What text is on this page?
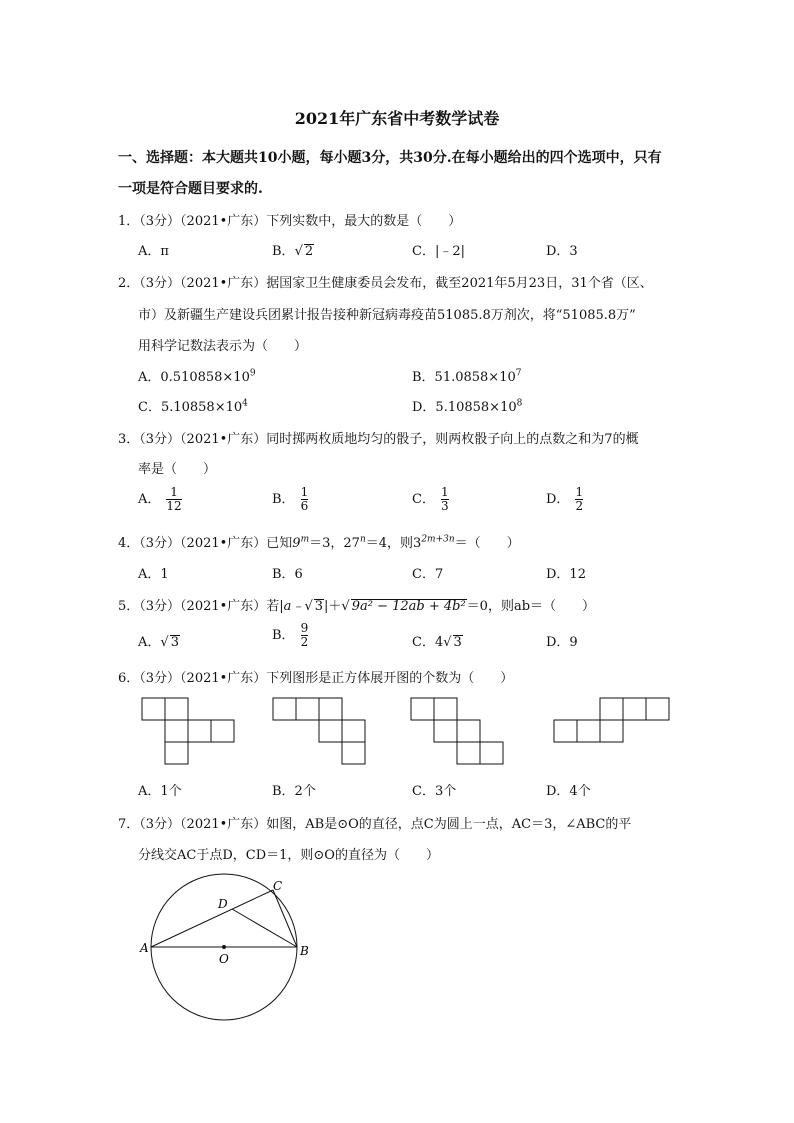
2021年广东省中考数学试卷
一、选择题：本大题共10小题，每小题3分，共30分.在每小题给出的四个选项中，只有
一项是符合题目要求的.
1．（3分）（2021•广东）下列实数中，最大的数是（　　）
A．π	B．√ 2	C．|﹣2|	D．3
2．（3分）（2021•广东）据国家卫生健康委员会发布，截至2021年5月23日，31个省（区、
市）及新疆生产建设兵团累计报告接种新冠病毒疫苗51085.8万剂次，将“51085.8万”
用科学记数法表示为（　　）
A．$0.510858\times 10^9$	B．$51.0858\times 10^7$
C．$5.10858\times 10^4$	D．$5.10858\times 10^8$
3．（3分）（2021•广东）同时掷两枚质地均匀的骰子，则两枚骰子向上的点数之和为7的概
率是（　　）
A． $\frac{1}{12}$	B． $\frac{1}{6}$	C． $\frac{1}{3}$	D． $\frac{1}{2}$
4．（3分）（2021•广东）已知$9^m=3$，$27^n=4$，则$3^{2m+3n}=$（　　）
A．1	B．6	C．7	D．12
5．（3分）（2021•广东）若|a﹣√ 3|＋√ 9a² − 12ab + 4b²＝0，则ab＝（　　）
A．√ 3	B． $\frac{9}{2}$	C．4√ 3	D．9
6．（3分）（2021•广东）下列图形是正方体展开图的个数为（　　）
A．1个	B．2个	C．3个	D．4个
7．（3分）（2021•广东）如图，AB是⊙O的直径，点C为圆上一点，AC＝3，∠ABC的平
分线交AC于点D，CD＝1，则⊙O的直径为（　　）
A	B
C
D
O
